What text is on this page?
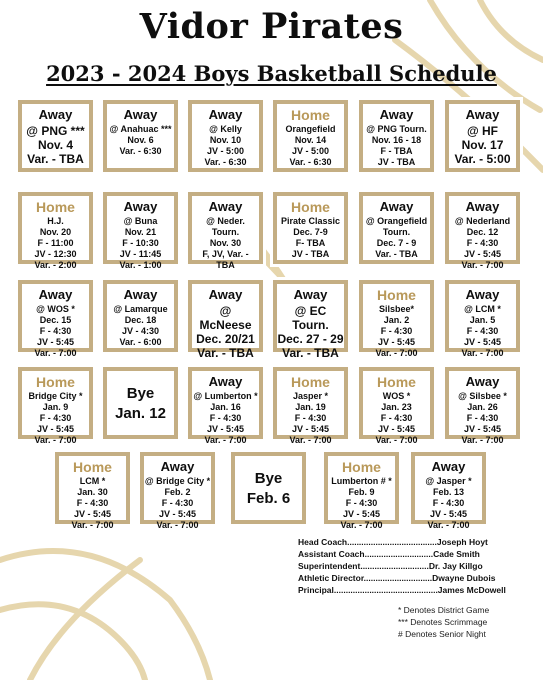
Vidor Pirates
2023 - 2024 Boys Basketball Schedule
Away
@ PNG ***
Nov. 4
Var. - TBA
Away
@ Anahuac ***
Nov. 6
Var. - 6:30
Away
@ Kelly
Nov. 10
JV - 5:00
Var. - 6:30
Home
Orangefield
Nov. 14
JV - 5:00
Var. - 6:30
Away
@ PNG Tourn.
Nov. 16 - 18
F - TBA
JV - TBA
Away
@ HF
Nov. 17
Var. - 5:00
Home
H.J.
Nov. 20
F - 11:00
JV - 12:30
Var. - 2:00
Away
@ Buna
Nov. 21
F - 10:30
JV - 11:45
Var. - 1:00
Away
@ Neder. Tourn.
Nov. 30
F, JV, Var. - TBA
Home
Pirate Classic
Dec. 7-9
F- TBA
JV - TBA
Away
@ Orangefield
Tourn.
Dec. 7 - 9
Var. - TBA
Away
@ Nederland
Dec. 12
F - 4:30
JV - 5:45
Var. - 7:00
Away
@ WOS *
Dec. 15
F - 4:30
JV - 5:45
Var. - 7:00
Away
@ Lamarque
Dec. 18
JV - 4:30
Var. - 6:00
Away
@ McNeese
Dec. 20/21
Var. - TBA
Away
@ EC Tourn.
Dec. 27 - 29
Var. - TBA
Home
Silsbee*
Jan. 2
F - 4:30
JV - 5:45
Var. - 7:00
Away
@ LCM *
Jan. 5
F - 4:30
JV - 5:45
Var. - 7:00
Home
Bridge City *
Jan. 9
F - 4:30
JV - 5:45
Var. - 7:00
Bye
Jan. 12
Away
@ Lumberton *
Jan. 16
F - 4:30
JV - 5:45
Var. - 7:00
Home
Jasper *
Jan. 19
F - 4:30
JV - 5:45
Var. - 7:00
Home
WOS *
Jan. 23
F - 4:30
JV - 5:45
Var. - 7:00
Away
@ Silsbee *
Jan. 26
F - 4:30
JV - 5:45
Var. - 7:00
Home
LCM *
Jan. 30
F - 4:30
JV - 5:45
Var. - 7:00
Away
@ Bridge City *
Feb. 2
F - 4:30
JV - 5:45
Var. - 7:00
Bye
Feb. 6
Home
Lumberton # *
Feb. 9
F - 4:30
JV - 5:45
Var. - 7:00
Away
@ Jasper *
Feb. 13
F - 4:30
JV - 5:45
Var. - 7:00
Head Coach......................................Joseph Hoyt
Assistant Coach.............................Cade Smith
Superintendent.............................Dr. Jay Killgo
Athletic Director.............................Dwayne Dubois
Principal............................................James McDowell
* Denotes District Game
*** Denotes Scrimmage
# Denotes Senior Night
